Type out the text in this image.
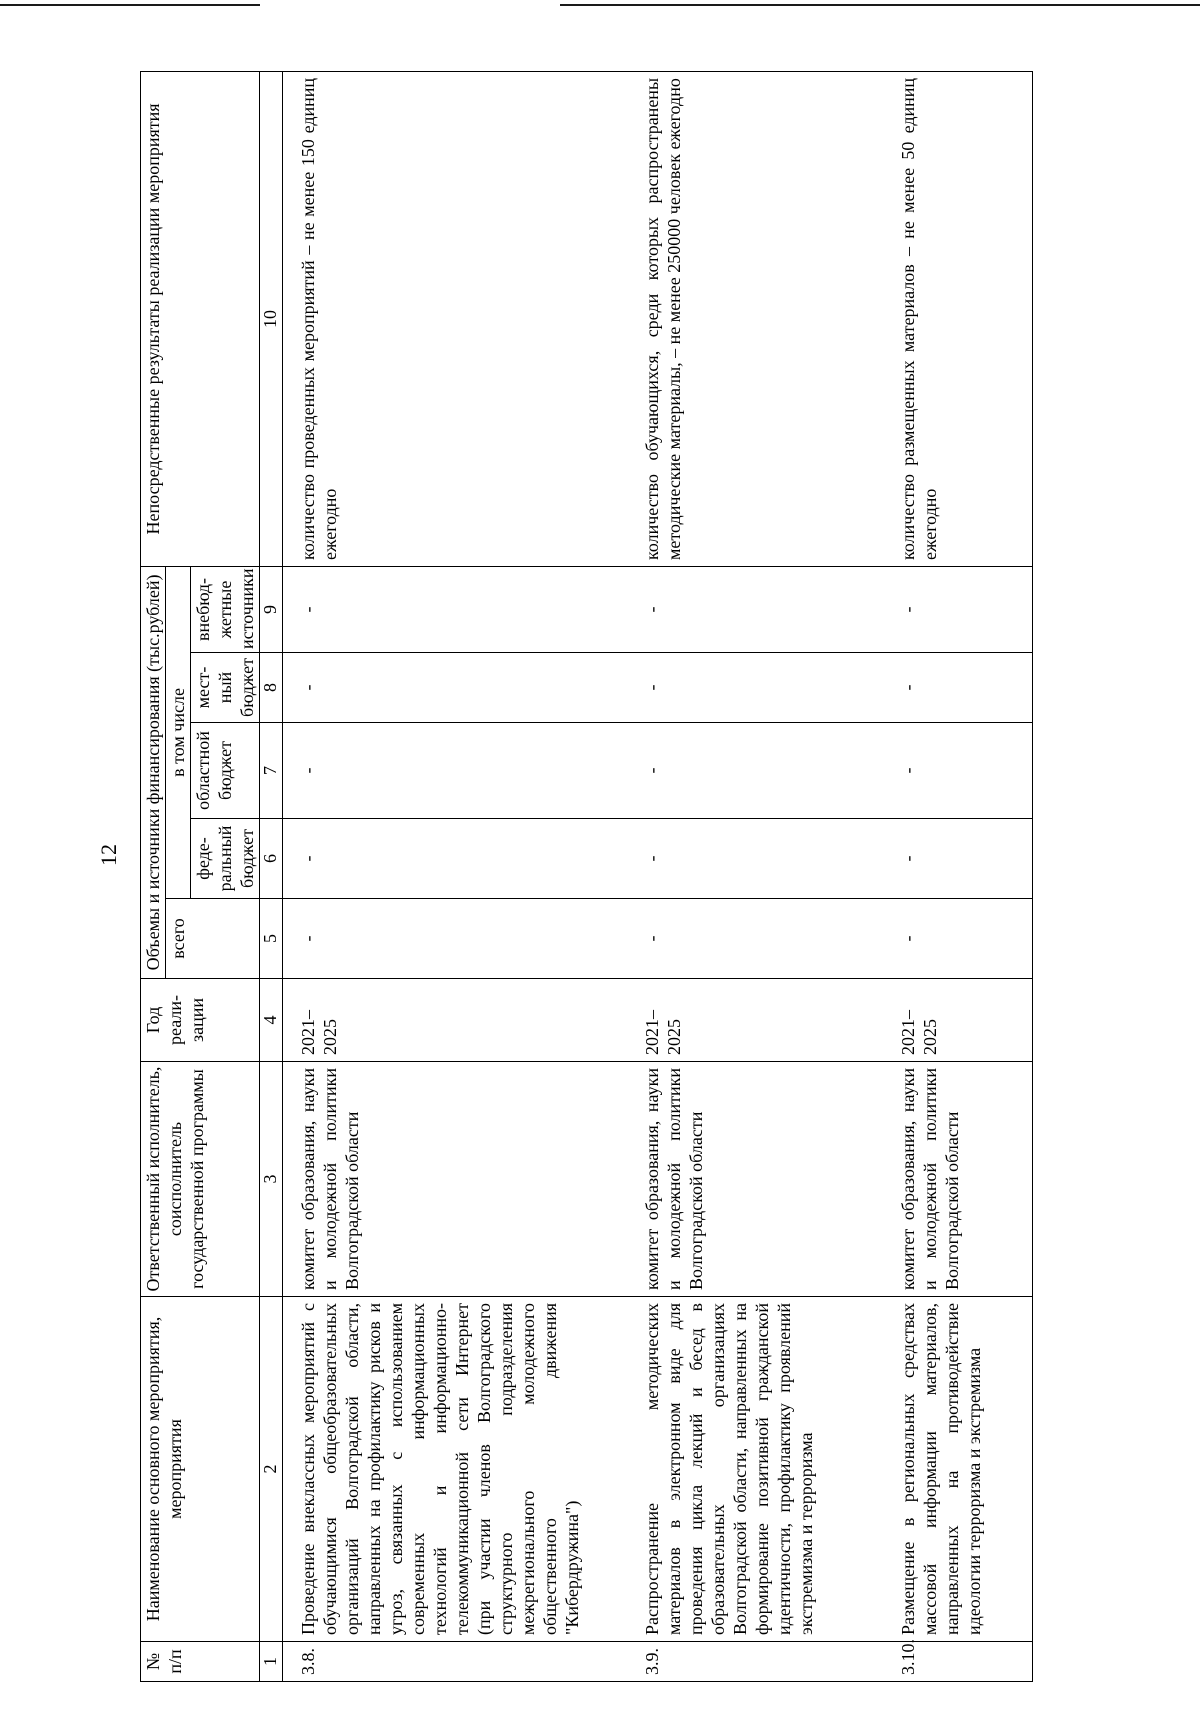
12
№ п/п	Наименование основного мероприятия, мероприятия	Ответственный исполнитель, соисполнитель государственной программы	Год реали-зации	Объемы и источники финансирования (тыс.рублей)					Непосредственные результаты реализации мероприятия
				всего	в том числе				
					феде-ральный бюджет	областной бюджет	мест-ный бюджет	внебюд-жетные источники	
1	2	3	4	5	6	7	8	9	10
3.8.	Проведение внеклассных мероприятий с обучающимися общеобразовательных организаций Волгоградской области, направленных на профилактику рисков и угроз, связанных с использованием современных информационных технологий и информационно-телекоммуникационной сети Интернет (при участии членов Волгоградского структурного подразделения межрегионального молодежного общественного движения "Кибердружина")	комитет образования, науки и молодежной политики Волгоградской области	2021–2025	-	-	-	-	-	количество проведенных мероприятий – не менее 150 единиц ежегодно
3.9.	Распространение методических материалов в электронном виде для проведения цикла лекций и бесед в образовательных организациях Волгоградской области, направленных на формирование позитивной гражданской идентичности, профилактику проявлений экстремизма и терроризма	комитет образования, науки и молодежной политики Волгоградской области	2021–2025	-	-	-	-	-	количество обучающихся, среди которых распространены методические материалы, – не менее 250000 человек ежегодно
3.10.	Размещение в региональных средствах массовой информации материалов, направленных на противодействие идеологии терроризма и экстремизма	комитет образования, науки и молодежной политики Волгоградской области	2021–2025	-	-	-	-	-	количество размещенных материалов – не менее 50 единиц ежегодно
